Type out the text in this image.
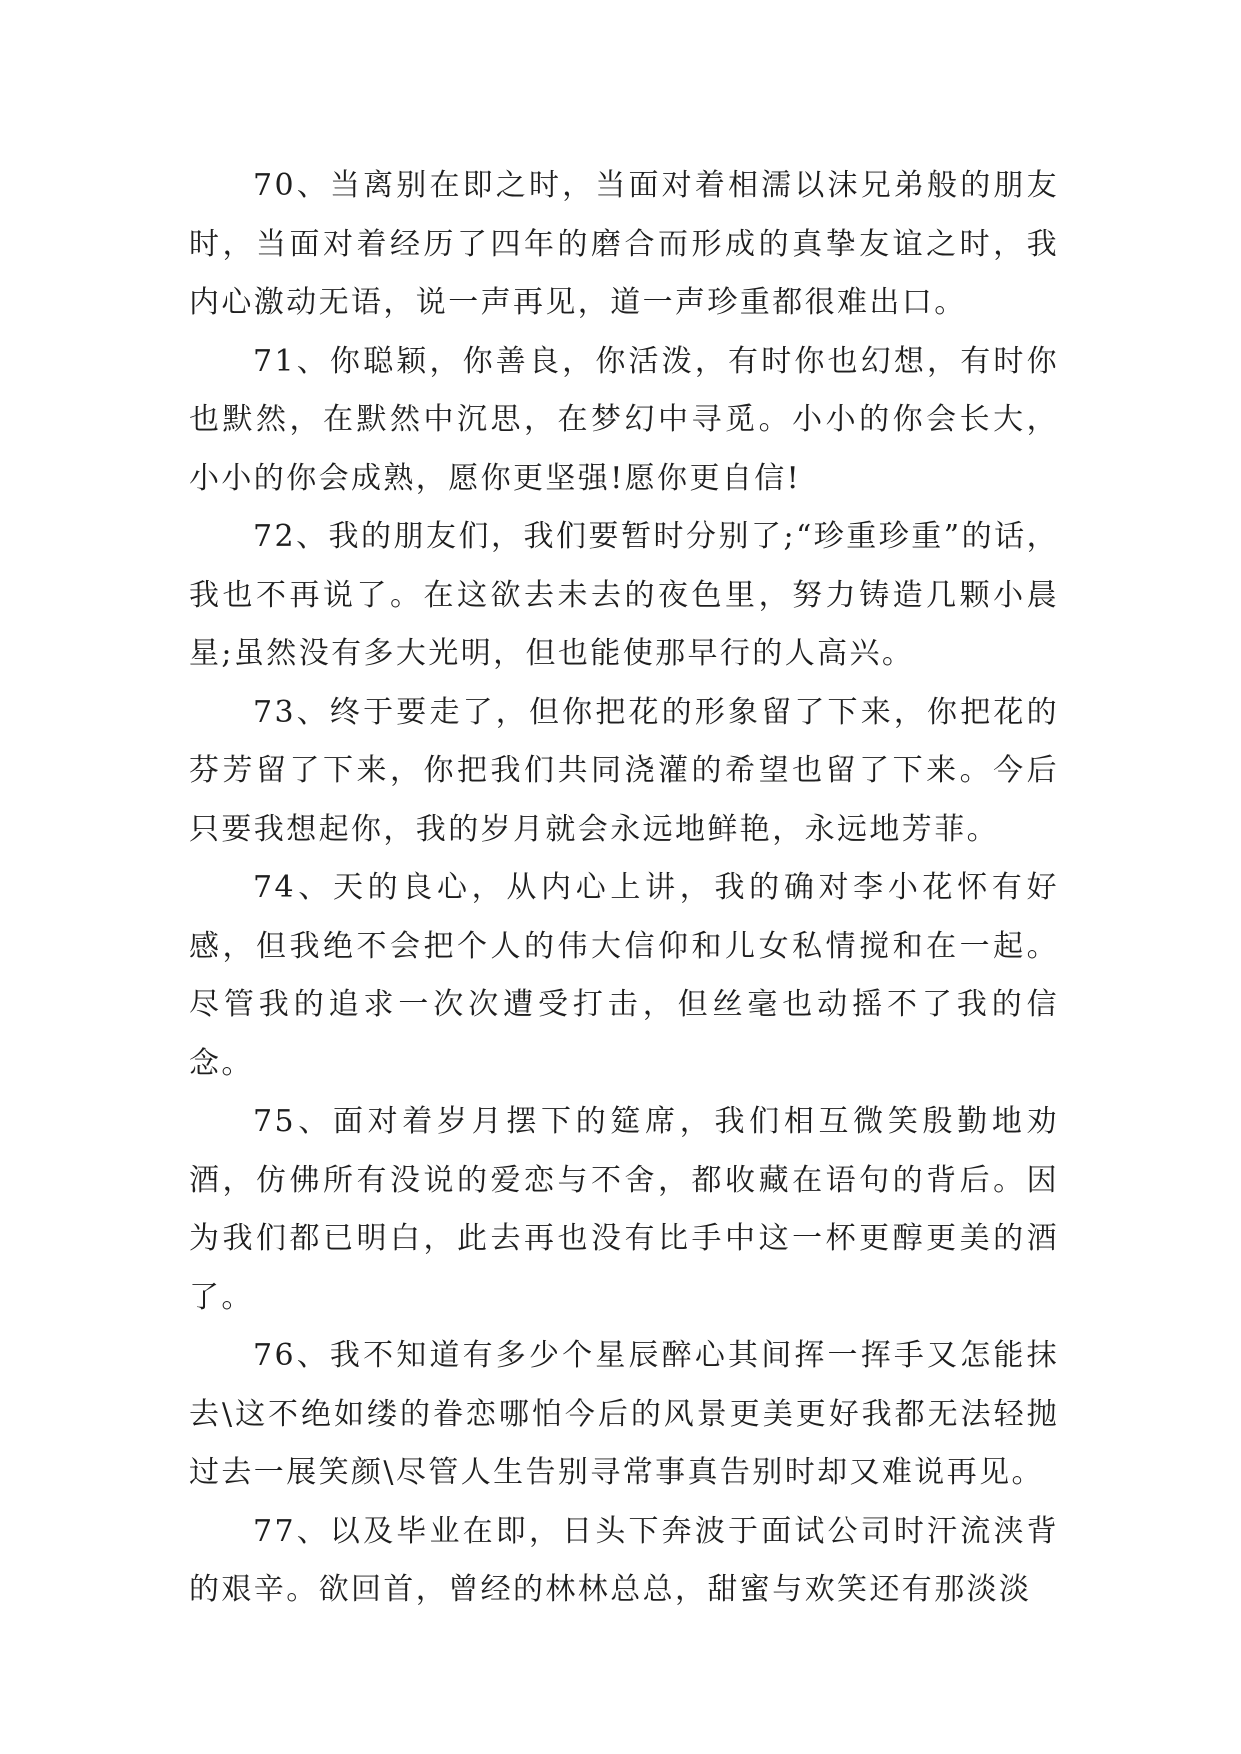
70、当离别在即之时，当面对着相濡以沫兄弟般的朋友时，当面对着经历了四年的磨合而形成的真挚友谊之时，我内心激动无语，说一声再见，道一声珍重都很难出口。

71、你聪颖，你善良，你活泼，有时你也幻想，有时你也默然，在默然中沉思，在梦幻中寻觅。小小的你会长大，小小的你会成熟，愿你更坚强!愿你更自信!

72、我的朋友们，我们要暂时分别了;“珍重珍重”的话，我也不再说了。在这欲去未去的夜色里，努力铸造几颗小晨星;虽然没有多大光明，但也能使那早行的人高兴。

73、终于要走了，但你把花的形象留了下来，你把花的芬芳留了下来，你把我们共同浇灌的希望也留了下来。今后只要我想起你，我的岁月就会永远地鲜艳，永远地芳菲。

74、天的良心，从内心上讲，我的确对李小花怀有好感，但我绝不会把个人的伟大信仰和儿女私情搅和在一起。尽管我的追求一次次遭受打击，但丝毫也动摇不了我的信念。

75、面对着岁月摆下的筵席，我们相互微笑殷勤地劝酒，仿佛所有没说的爱恋与不舍，都收藏在语句的背后。因为我们都已明白，此去再也没有比手中这一杯更醇更美的酒了。

76、我不知道有多少个星辰醉心其间挥一挥手又怎能抹去\这不绝如缕的眷恋哪怕今后的风景更美更好我都无法轻抛过去一展笑颜\尽管人生告别寻常事真告别时却又难说再见。

77、以及毕业在即，日头下奔波于面试公司时汗流浃背的艰辛。欲回首，曾经的林林总总，甜蜜与欢笑还有那淡淡
